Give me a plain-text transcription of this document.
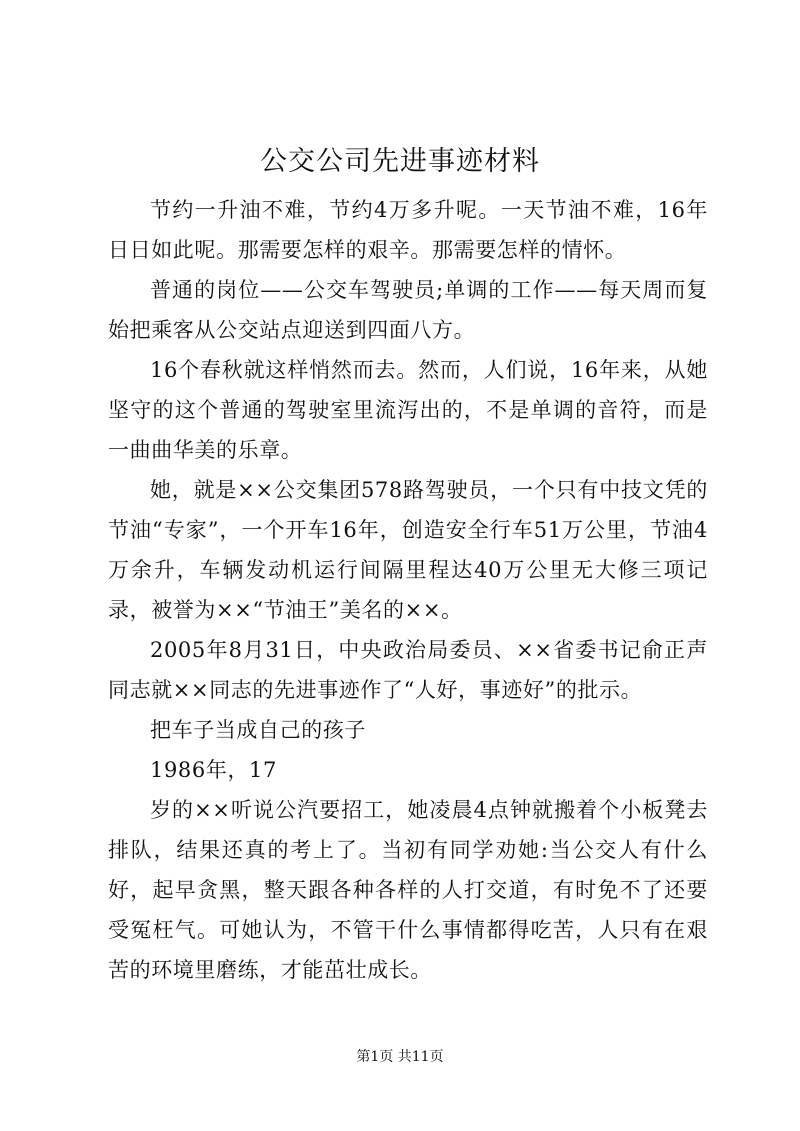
公交公司先进事迹材料

节约一升油不难，节约4万多升呢。一天节油不难，16年日日如此呢。那需要怎样的艰辛。那需要怎样的情怀。

普通的岗位——公交车驾驶员;单调的工作——每天周而复始把乘客从公交站点迎送到四面八方。

16个春秋就这样悄然而去。然而，人们说，16年来，从她坚守的这个普通的驾驶室里流泻出的，不是单调的音符，而是一曲曲华美的乐章。

她，就是××公交集团578路驾驶员，一个只有中技文凭的节油“专家”，一个开车16年，创造安全行车51万公里，节油4万余升，车辆发动机运行间隔里程达40万公里无大修三项记录，被誉为××“节油王”美名的××。

2005年8月31日，中央政治局委员、××省委书记俞正声同志就××同志的先进事迹作了“人好，事迹好”的批示。

把车子当成自己的孩子

1986年，17

岁的××听说公汽要招工，她凌晨4点钟就搬着个小板凳去排队，结果还真的考上了。当初有同学劝她:当公交人有什么好，起早贪黑，整天跟各种各样的人打交道，有时免不了还要受冤枉气。可她认为，不管干什么事情都得吃苦，人只有在艰苦的环境里磨练，才能茁壮成长。

第1页 共11页
